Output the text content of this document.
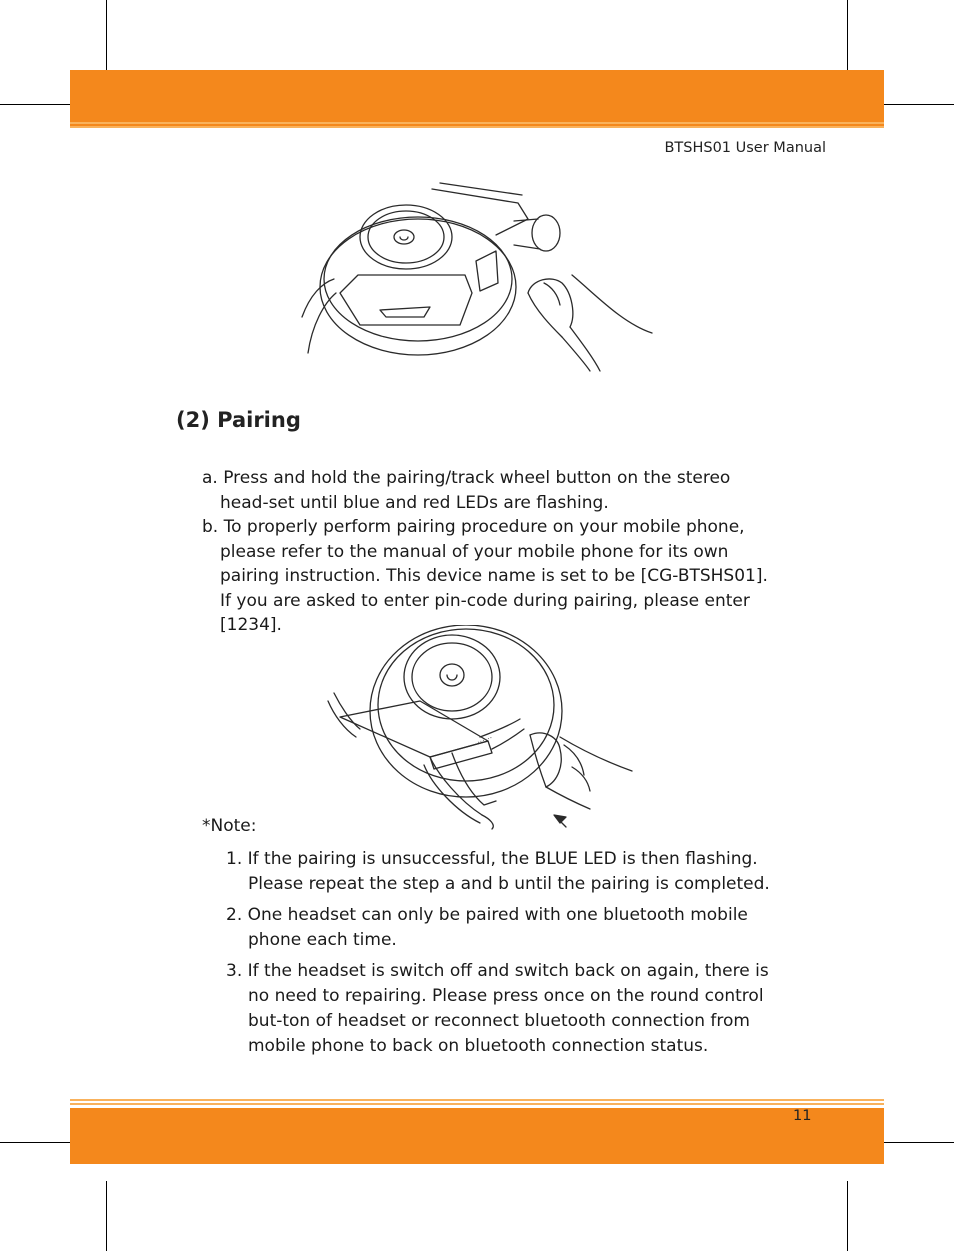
BTSHS01 User Manual
(2) Pairing
a. Press and hold the pairing/track wheel button on the stereo head-set until blue and red LEDs are flashing.
b. To properly perform pairing procedure on your mobile phone, please refer to the manual of your mobile phone for its own pairing instruction. This device name is set to be [CG-BTSHS01]. If you are asked to enter pin-code during pairing, please enter [1234].
⋯⋯
*Note:
1. If the pairing is unsuccessful, the BLUE LED is then flashing. Please repeat the step a and b until the pairing is completed.
2. One headset can only be paired with one bluetooth mobile phone each time.
3. If the headset is switch off and switch back on again, there is no need to repairing. Please press once on the round control but-ton of headset or reconnect bluetooth connection from mobile phone to back on bluetooth connection status.
11
